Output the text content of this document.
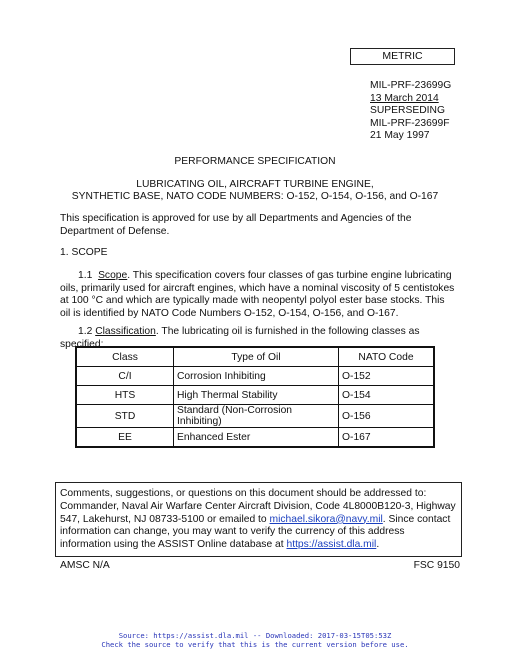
METRIC
MIL-PRF-23699G
13 March 2014
SUPERSEDING
MIL-PRF-23699F
21 May 1997
PERFORMANCE SPECIFICATION
LUBRICATING OIL, AIRCRAFT TURBINE ENGINE,
SYNTHETIC BASE, NATO CODE NUMBERS: O-152, O-154, O-156, and O-167
This specification is approved for use by all Departments and Agencies of the Department of Defense.
1. SCOPE
1.1 Scope. This specification covers four classes of gas turbine engine lubricating oils, primarily used for aircraft engines, which have a nominal viscosity of 5 centistokes at 100 °C and which are typically made with neopentyl polyol ester base stocks. This oil is identified by NATO Code Numbers O-152, O-154, O-156, and O-167.
1.2 Classification. The lubricating oil is furnished in the following classes as specified:
Class	Type of Oil	NATO Code
C/I	Corrosion Inhibiting	O-152
HTS	High Thermal Stability	O-154
STD	Standard (Non-Corrosion Inhibiting)	O-156
EE	Enhanced Ester	O-167
Comments, suggestions, or questions on this document should be addressed to: Commander, Naval Air Warfare Center Aircraft Division, Code 4L8000B120-3, Highway 547, Lakehurst, NJ 08733-5100 or emailed to michael.sikora@navy.mil. Since contact information can change, you may want to verify the currency of this address information using the ASSIST Online database at https://assist.dla.mil.
AMSC N/A	FSC 9150
Source: https://assist.dla.mil -- Downloaded: 2017-03-15T05:53Z
Check the source to verify that this is the current version before use.
